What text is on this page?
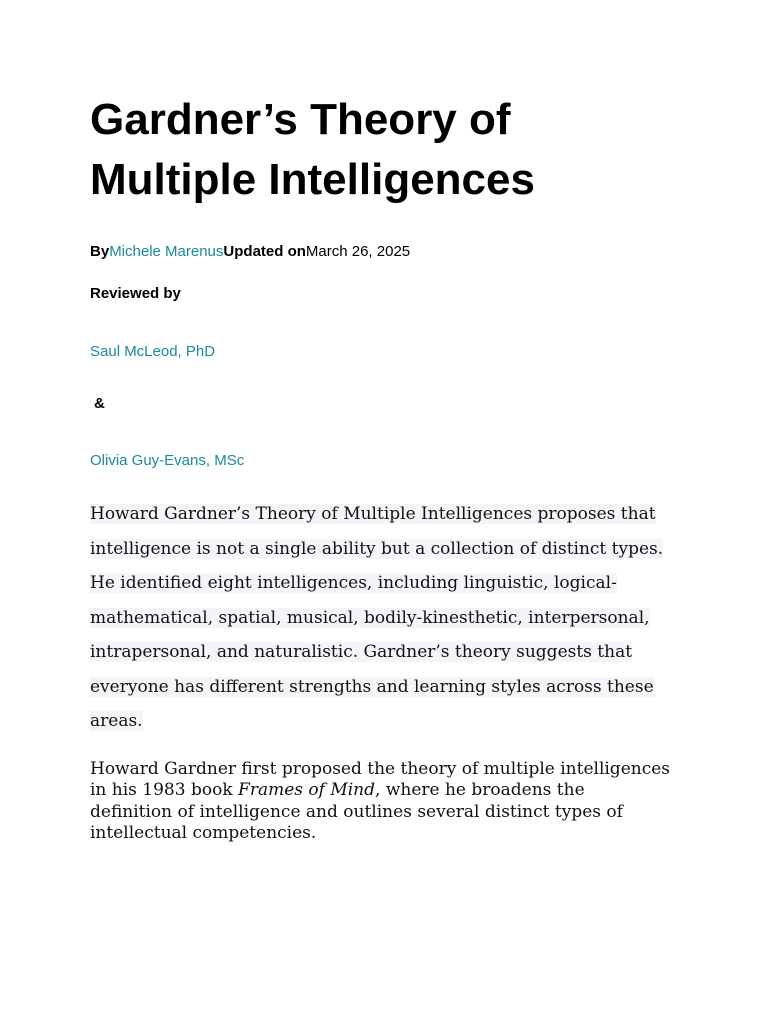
Gardner’s Theory of Multiple Intelligences
ByMichele MarenusUpdated onMarch 26, 2025
Reviewed by
Saul McLeod, PhD
&
Olivia Guy-Evans, MSc

Howard Gardner’s Theory of Multiple Intelligences proposes that intelligence is not a single ability but a collection of distinct types. He identified eight intelligences, including linguistic, logical-mathematical, spatial, musical, bodily-kinesthetic, interpersonal, intrapersonal, and naturalistic. Gardner’s theory suggests that everyone has different strengths and learning styles across these areas.

Howard Gardner first proposed the theory of multiple intelligences in his 1983 book Frames of Mind, where he broadens the definition of intelligence and outlines several distinct types of intellectual competencies.
